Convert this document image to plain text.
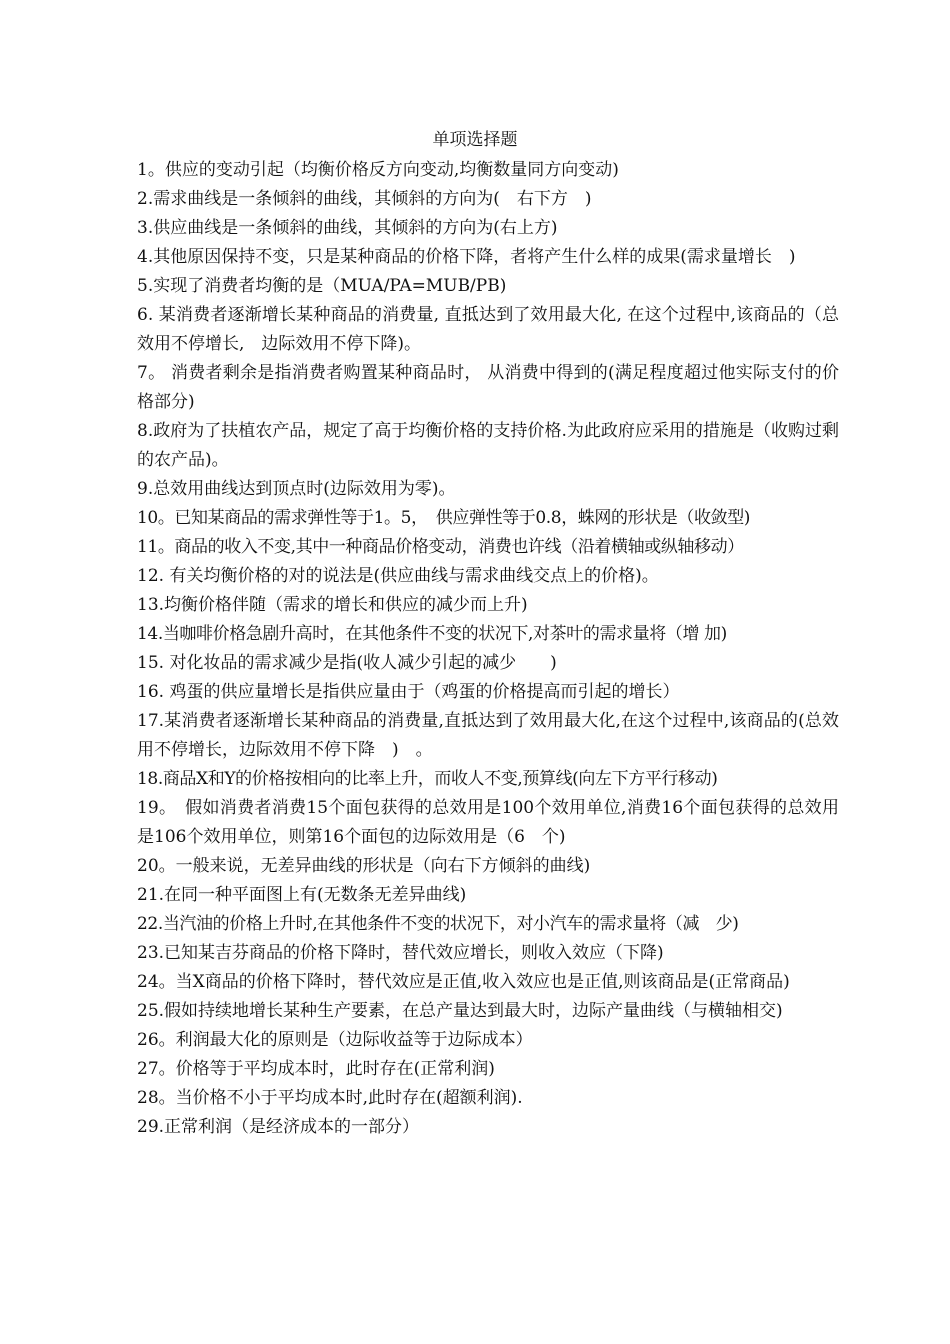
单项选择题
1。供应的变动引起（均衡价格反方向变动,均衡数量同方向变动)
2.需求曲线是一条倾斜的曲线，其倾斜的方向为(　右下方　)
3.供应曲线是一条倾斜的曲线，其倾斜的方向为(右上方)
4.其他原因保持不变，只是某种商品的价格下降，者将产生什么样的成果(需求量增长　)
5.实现了消费者均衡的是（MUA/PA=MUB/PB)
6. 某消费者逐渐增长某种商品的消费量, 直抵达到了效用最大化, 在这个过程中,该商品的（总效用不停增长,　边际效用不停下降)。
7。 消费者剩余是指消费者购置某种商品时， 从消费中得到的(满足程度超过他实际支付的价格部分)
8.政府为了扶植农产品，规定了高于均衡价格的支持价格.为此政府应采用的措施是（收购过剩的农产品)。
9.总效用曲线达到顶点时(边际效用为零)。
10。已知某商品的需求弹性等于1。5，　供应弹性等于0.8，蛛网的形状是（收敛型)
11。商品的收入不变,其中一种商品价格变动，消费也许线（沿着横轴或纵轴移动）
12. 有关均衡价格的对的说法是(供应曲线与需求曲线交点上的价格)。
13.均衡价格伴随（需求的增长和供应的减少而上升)
14.当咖啡价格急剧升高时，在其他条件不变的状况下,对茶叶的需求量将（增 加)
15. 对化妆品的需求减少是指(收人减少引起的减少　　)
16. 鸡蛋的供应量增长是指供应量由于（鸡蛋的价格提高而引起的增长）
17.某消费者逐渐增长某种商品的消费量,直抵达到了效用最大化,在这个过程中,该商品的(总效用不停增长，边际效用不停下降　)　。
18.商品X和Y的价格按相向的比率上升，而收人不变,预算线(向左下方平行移动)
19。　假如消费者消费15个面包获得的总效用是100个效用单位,消费16个面包获得的总效用是106个效用单位，则第16个面包的边际效用是（6　个)
20。一般来说，无差异曲线的形状是（向右下方倾斜的曲线)
21.在同一种平面图上有(无数条无差异曲线)
22.当汽油的价格上升时,在其他条件不变的状况下，对小汽车的需求量将（减　少)
23.已知某吉芬商品的价格下降时，替代效应增长，则收入效应（下降)
24。当X商品的价格下降时，替代效应是正值,收入效应也是正值,则该商品是(正常商品)
25.假如持续地增长某种生产要素，在总产量达到最大时，边际产量曲线（与横轴相交)
26。利润最大化的原则是（边际收益等于边际成本）
27。价格等于平均成本时，此时存在(正常利润)
28。当价格不小于平均成本时,此时存在(超额利润).
29.正常利润（是经济成本的一部分）
